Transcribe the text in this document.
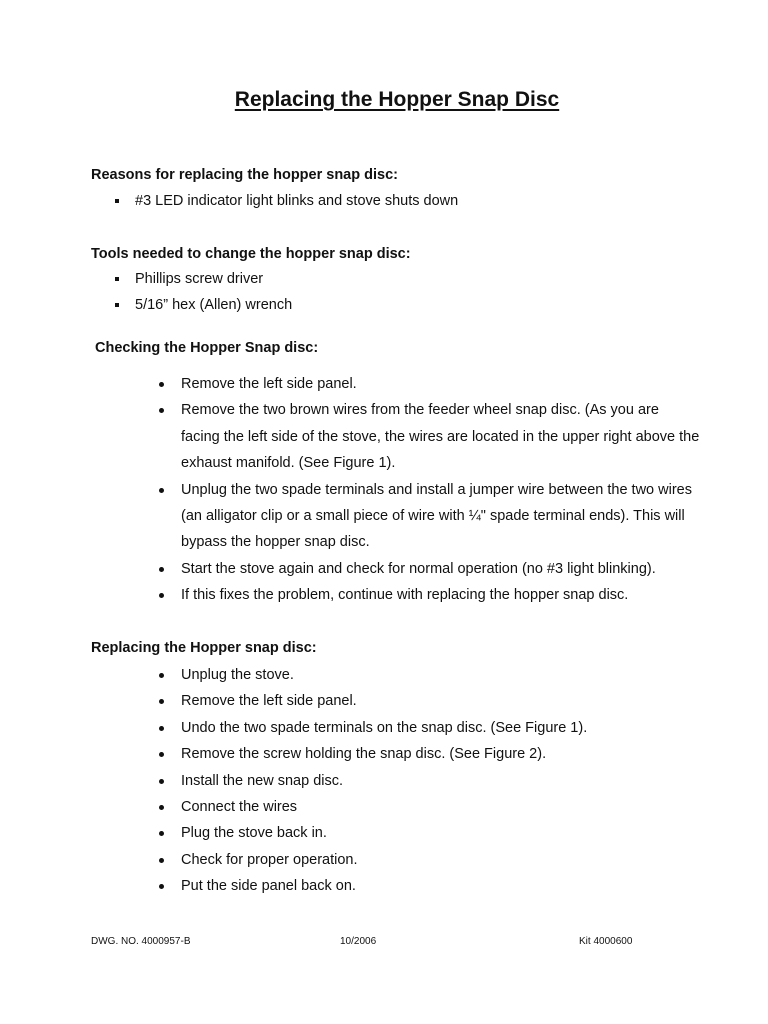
Replacing the Hopper Snap Disc

Reasons for replacing the hopper snap disc:

#3 LED indicator light blinks and stove shuts down

Tools needed to change the hopper snap disc:

Phillips screw driver
5/16” hex (Allen) wrench

Checking the Hopper Snap disc:

Remove the left side panel.
Remove the two brown wires from the feeder wheel snap disc. (As you are facing the left side of the stove, the wires are located in the upper right above the exhaust manifold. (See Figure 1).
Unplug the two spade terminals and install a jumper wire between the two wires (an alligator clip or a small piece of wire with ¼" spade terminal ends). This will bypass the hopper snap disc.
Start the stove again and check for normal operation (no #3 light blinking).
If this fixes the problem, continue with replacing the hopper snap disc.

Replacing the Hopper snap disc:

Unplug the stove.
Remove the left side panel.
Undo the two spade terminals on the snap disc. (See Figure 1).
Remove the screw holding the snap disc. (See Figure 2).
Install the new snap disc.
Connect the wires
Plug the stove back in.
Check for proper operation.
Put the side panel back on.

DWG. NO. 4000957-B	10/2006	Kit 4000600
